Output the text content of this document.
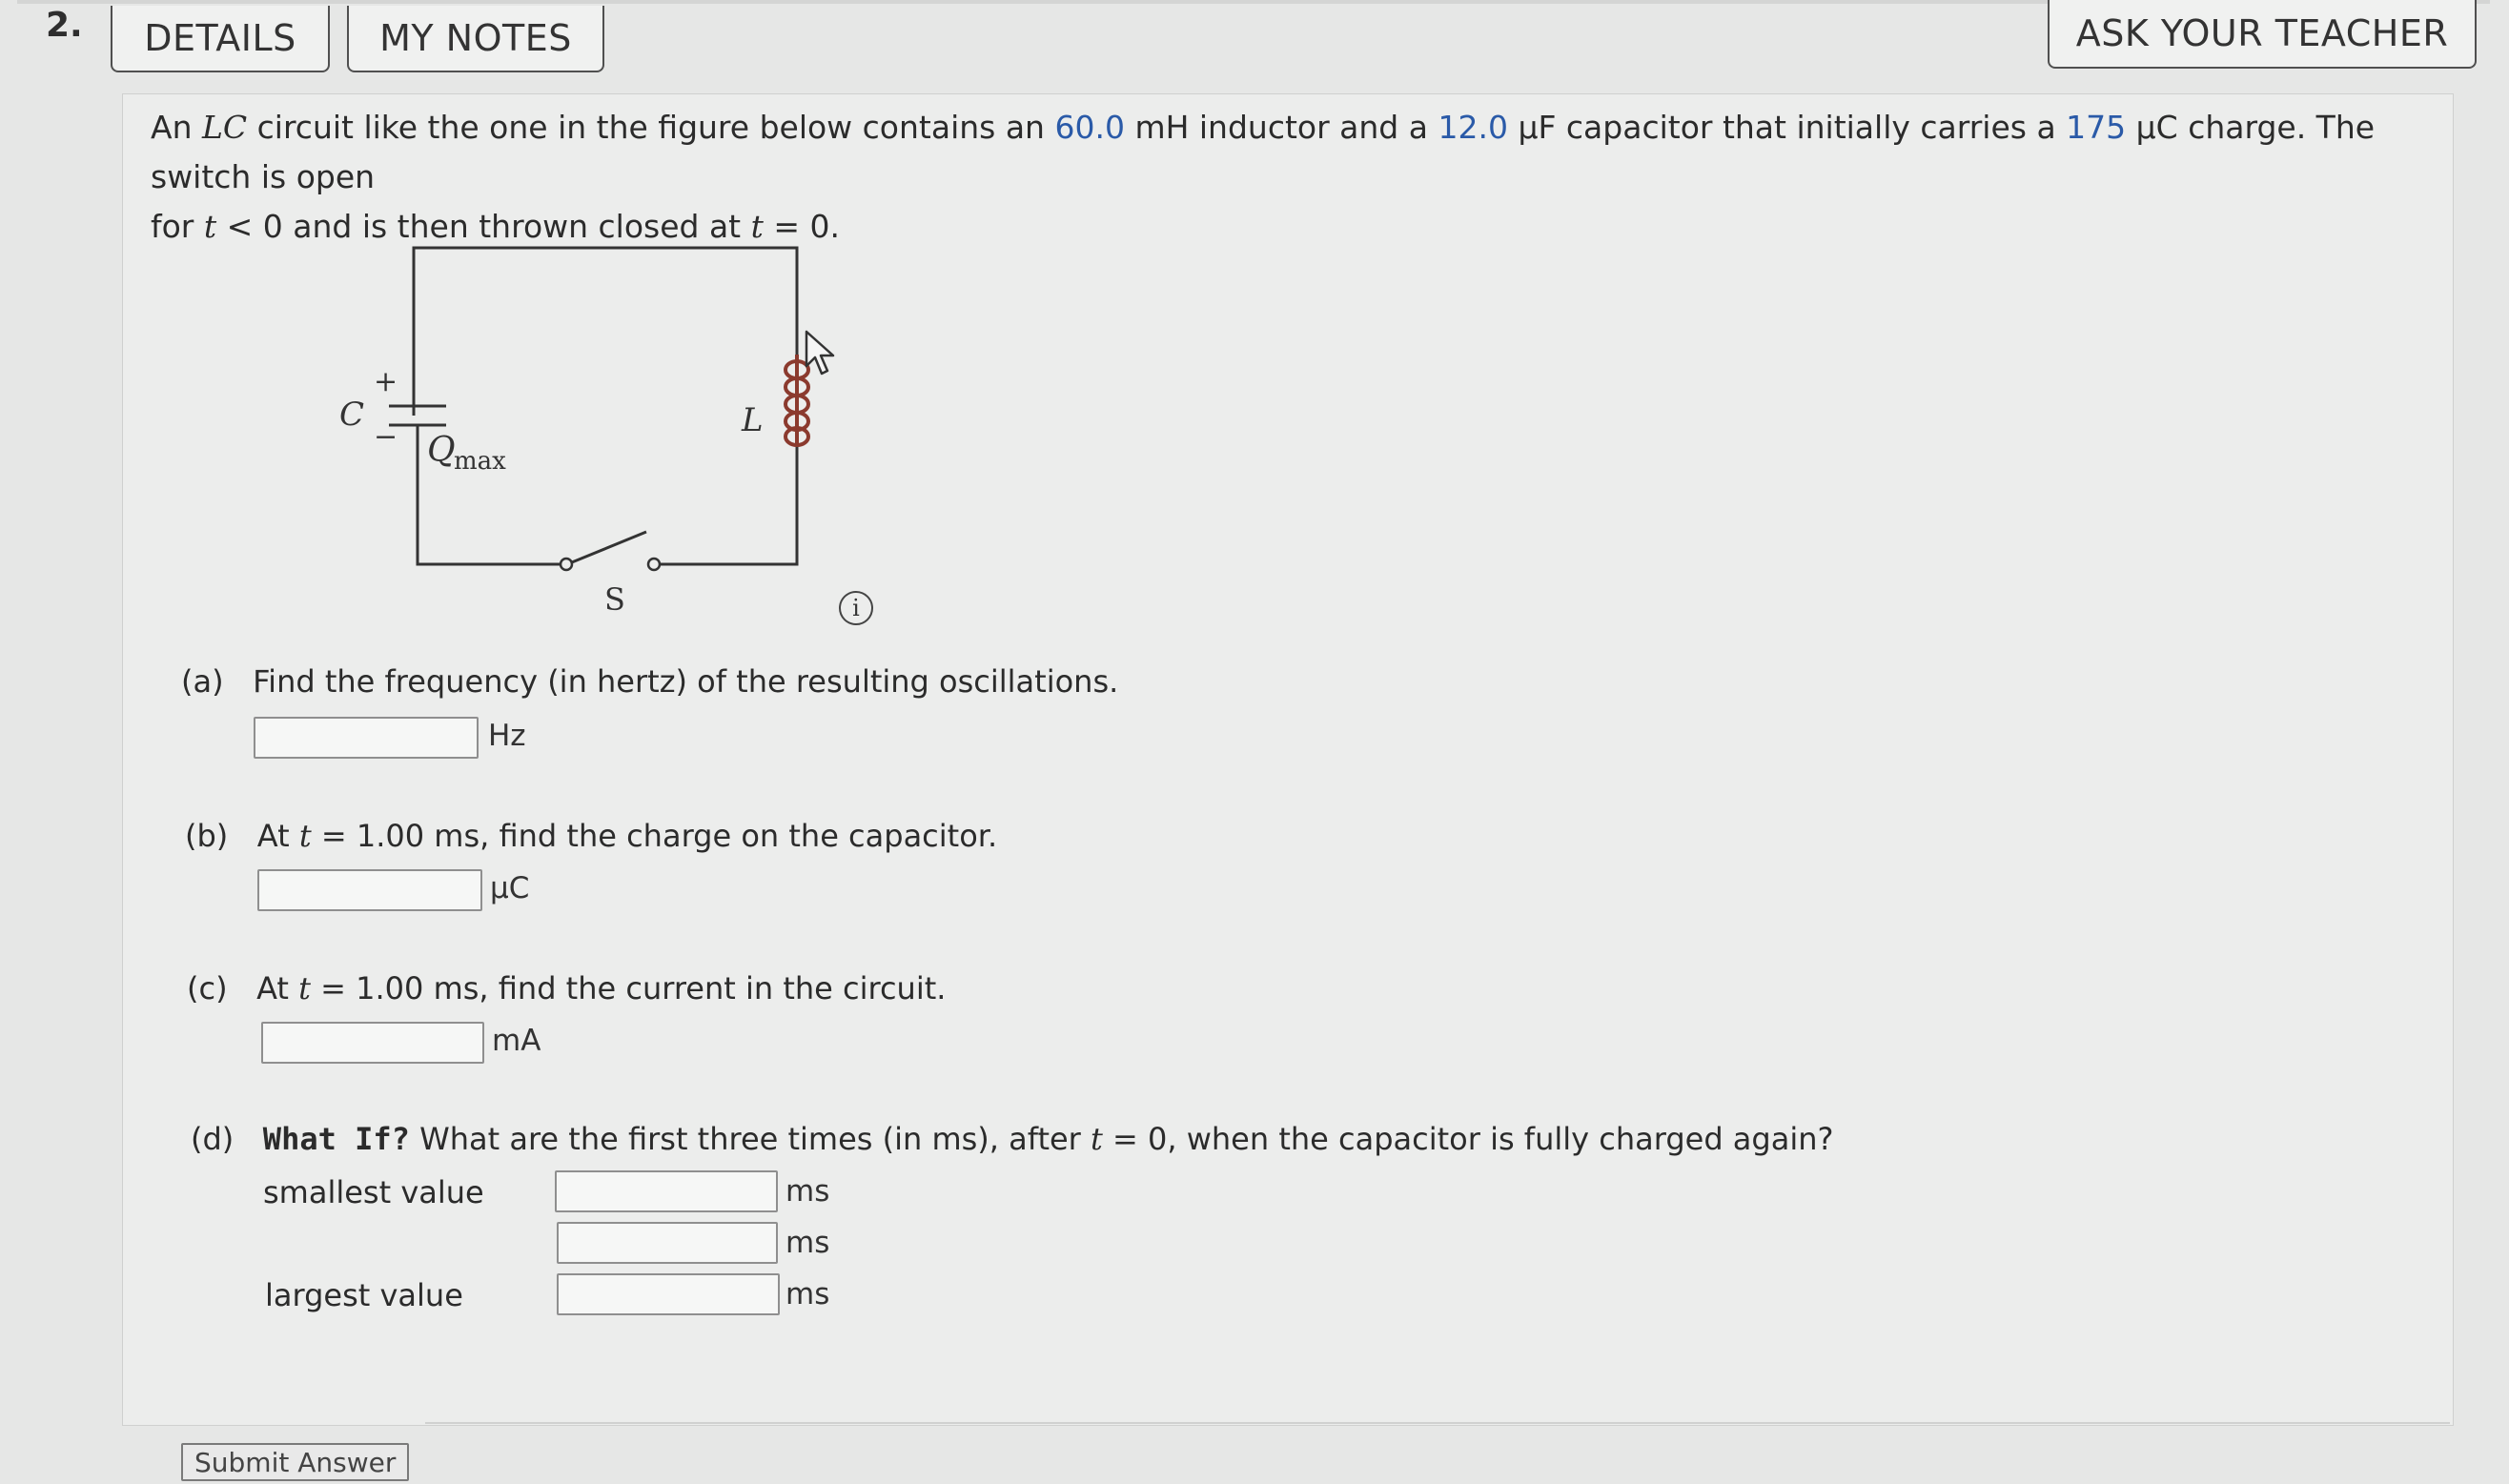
2.	DETAILS	MY NOTES	ASK YOUR TEACHER
An LC circuit like the one in the figure below contains an 60.0 mH inductor and a 12.0 µF capacitor that initially carries a 175 µC charge. The switch is open
for t < 0 and is then thrown closed at t = 0.
C
+
− Q
max
L
S	i
(a) Find the frequency (in hertz) of the resulting oscillations.
Hz
(b) At t = 1.00 ms, find the charge on the capacitor.
µC
(c) At t = 1.00 ms, find the current in the circuit.
mA
(d) What If? What are the first three times (in ms), after t = 0, when the capacitor is fully charged again?
smallest value	ms
ms
largest value	ms
Submit Answer
